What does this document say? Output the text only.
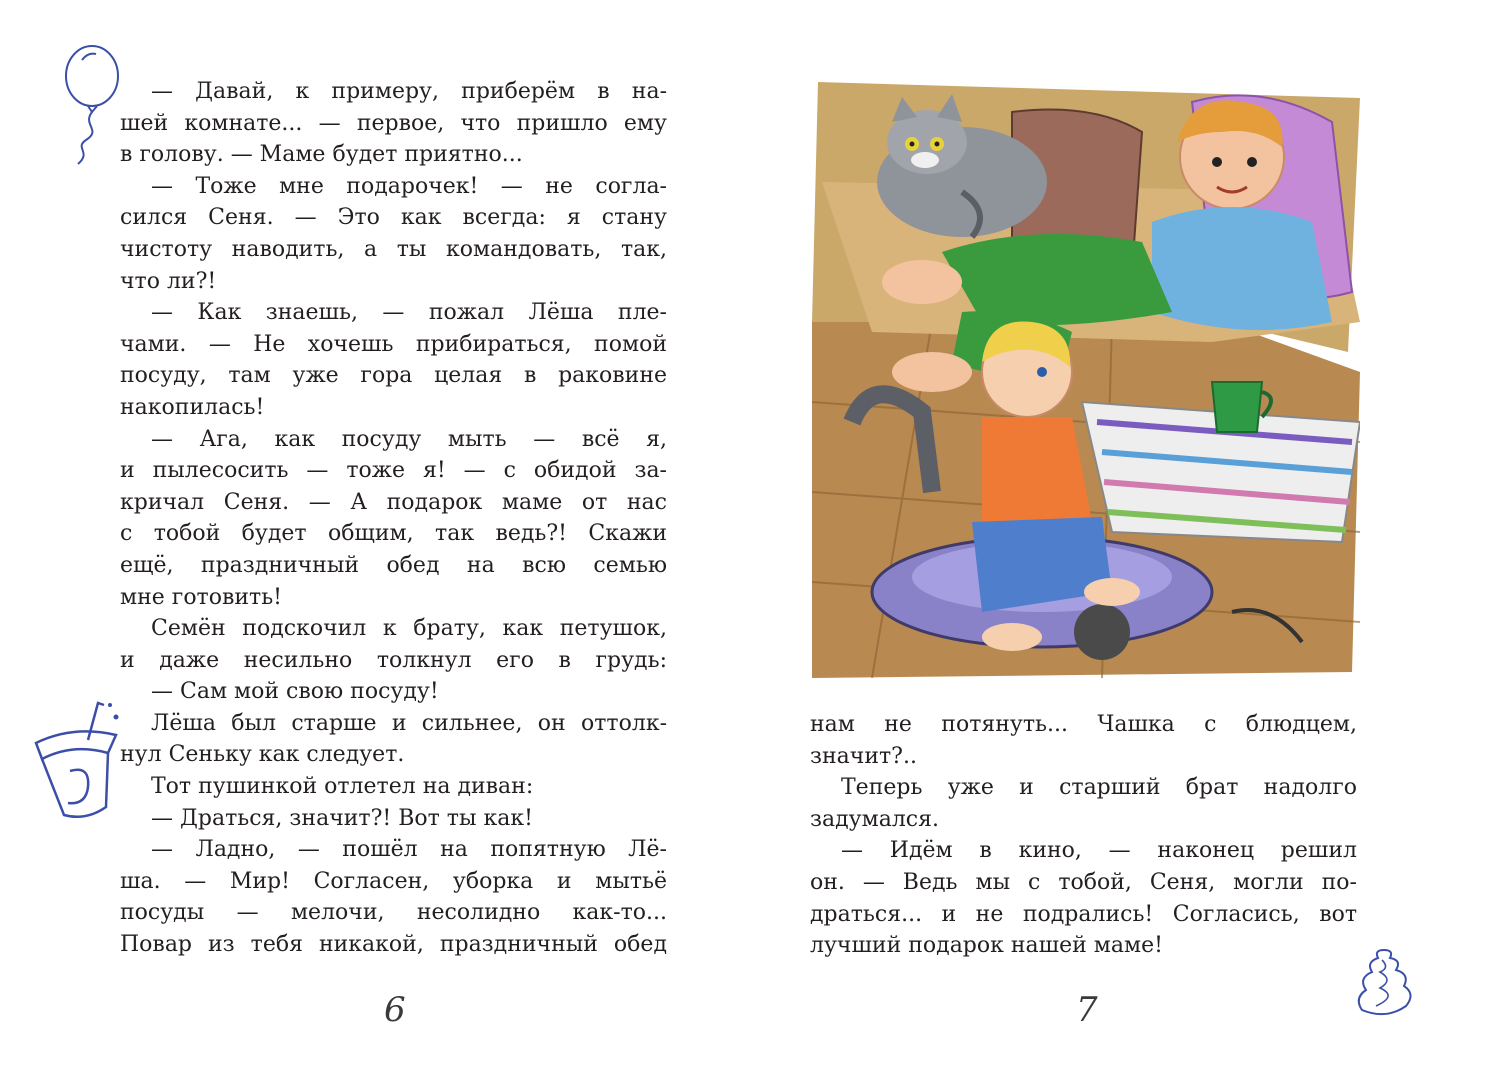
— Давай, к примеру, приберём в на-
шей комнате... — первое, что пришло ему
в голову. — Маме будет приятно...
— Тоже мне подарочек! — не согла-
сился Сеня. — Это как всегда: я стану
чистоту наводить, а ты командовать, так,
что ли?!
— Как знаешь, — пожал Лёша пле-
чами. — Не хочешь прибираться, помой
посуду, там уже гора целая в раковине
накопилась!
— Ага, как посуду мыть — всё я,
и пылесосить — тоже я! — с обидой за-
кричал Сеня. — А подарок маме от нас
с тобой будет общим, так ведь?! Скажи
ещё, праздничный обед на всю семью
мне готовить!
Семён подскочил к брату, как петушок,
и даже несильно толкнул его в грудь:
— Сам мой свою посуду!
Лёша был старше и сильнее, он оттолк-
нул Сеньку как следует.
Тот пушинкой отлетел на диван:
— Драться, значит?! Вот ты как!
— Ладно, — пошёл на попятную Лё-
ша. — Мир! Согласен, уборка и мытьё
посуды — мелочи, несолидно как-то...
Повар из тебя никакой, праздничный обед
6
нам не потянуть... Чашка с блюдцем,
значит?..
Теперь уже и старший брат надолго
задумался.
— Идём в кино, — наконец решил
он. — Ведь мы с тобой, Сеня, могли по-
драться... и не подрались! Согласись, вот
лучший подарок нашей маме!
7
